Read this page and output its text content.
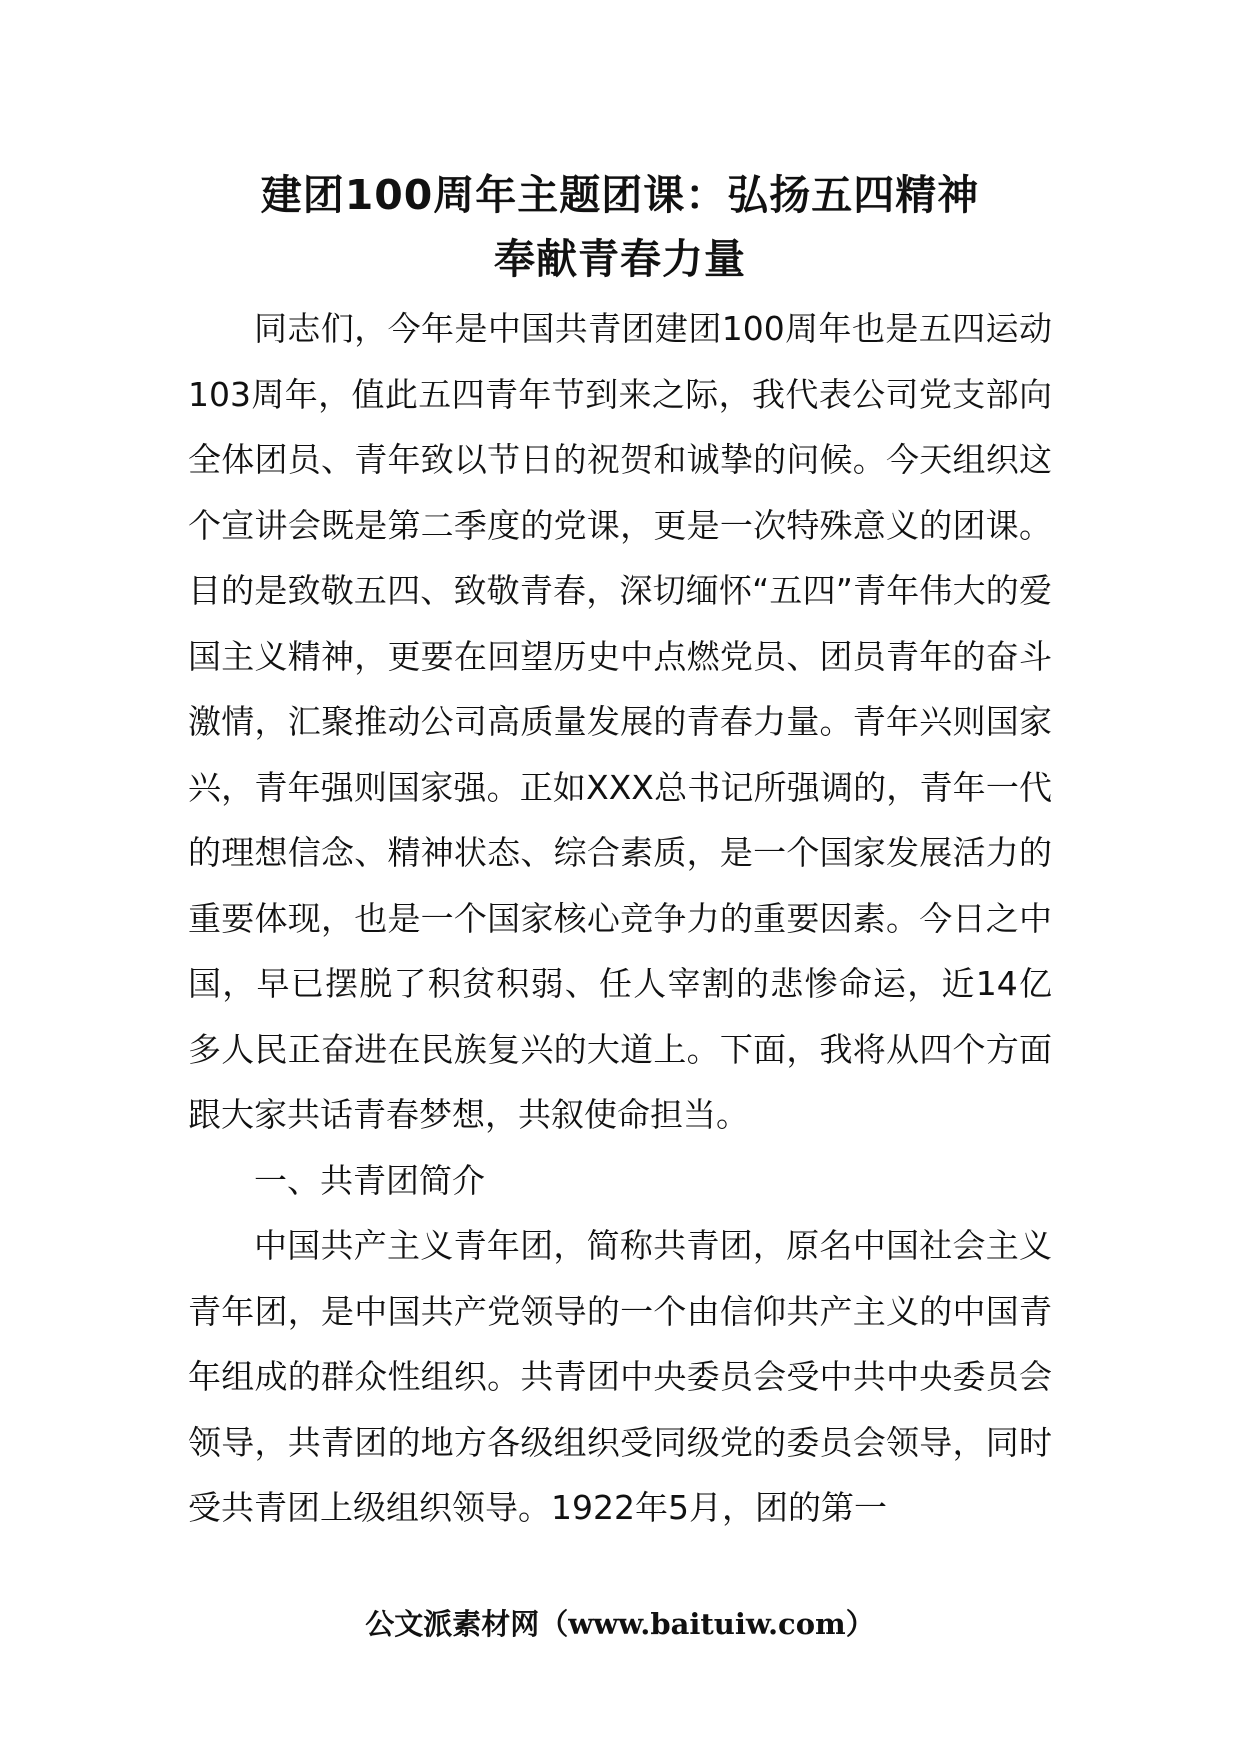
建团100周年主题团课：弘扬五四精神
奉献青春力量

同志们，今年是中国共青团建团100周年也是五四运动103周年，值此五四青年节到来之际，我代表公司党支部向全体团员、青年致以节日的祝贺和诚挚的问候。今天组织这个宣讲会既是第二季度的党课，更是一次特殊意义的团课。目的是致敬五四、致敬青春，深切缅怀“五四”青年伟大的爱国主义精神，更要在回望历史中点燃党员、团员青年的奋斗激情，汇聚推动公司高质量发展的青春力量。青年兴则国家兴，青年强则国家强。正如XXX总书记所强调的，青年一代的理想信念、精神状态、综合素质，是一个国家发展活力的重要体现，也是一个国家核心竞争力的重要因素。今日之中国，早已摆脱了积贫积弱、任人宰割的悲惨命运，近14亿多人民正奋进在民族复兴的大道上。下面，我将从四个方面跟大家共话青春梦想，共叙使命担当。

一、共青团简介

中国共产主义青年团，简称共青团，原名中国社会主义青年团，是中国共产党领导的一个由信仰共产主义的中国青年组成的群众性组织。共青团中央委员会受中共中央委员会领导，共青团的地方各级组织受同级党的委员会领导，同时受共青团上级组织领导。1922年5月，团的第一

公文派素材网（www.baituiw.com）
